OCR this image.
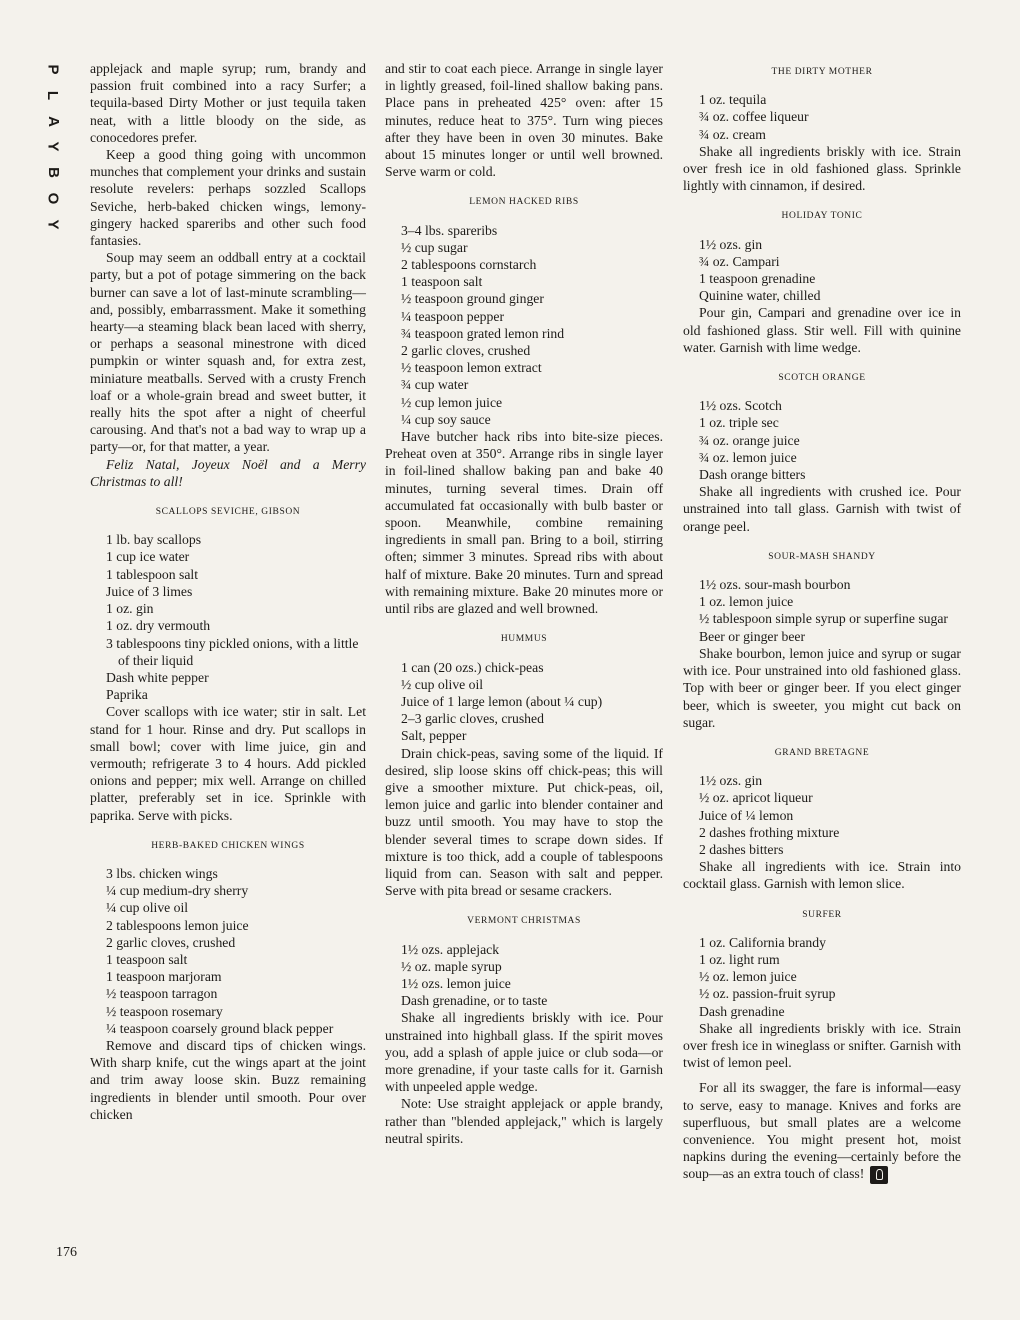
P
L
A
Y
B
O
Y
176

applejack and maple syrup; rum, brandy and passion fruit combined into a racy Surfer; a tequila-based Dirty Mother or just tequila taken neat, with a little bloody on the side, as conocedores prefer.

Keep a good thing going with uncommon munches that complement your drinks and sustain resolute revelers: perhaps sozzled Scallops Seviche, herb-baked chicken wings, lemony-gingery hacked spareribs and other such food fantasies.

Soup may seem an oddball entry at a cocktail party, but a pot of potage simmering on the back burner can save a lot of last-minute scrambling—and, possibly, embarrassment. Make it something hearty—a steaming black bean laced with sherry, or perhaps a seasonal minestrone with diced pumpkin or winter squash and, for extra zest, miniature meatballs. Served with a crusty French loaf or a whole-grain bread and sweet butter, it really hits the spot after a night of cheerful carousing. And that's not a bad way to wrap up a party—or, for that matter, a year.

Feliz Natal, Joyeux Noël and a Merry Christmas to all!

SCALLOPS SEVICHE, GIBSON
1 lb. bay scallops
1 cup ice water
1 tablespoon salt
Juice of 3 limes
1 oz. gin
1 oz. dry vermouth
3 tablespoons tiny pickled onions, with a little of their liquid
Dash white pepper
Paprika

Cover scallops with ice water; stir in salt. Let stand for 1 hour. Rinse and dry. Put scallops in small bowl; cover with lime juice, gin and vermouth; refrigerate 3 to 4 hours. Add pickled onions and pepper; mix well. Arrange on chilled platter, preferably set in ice. Sprinkle with paprika. Serve with picks.

HERB-BAKED CHICKEN WINGS
3 lbs. chicken wings
¼ cup medium-dry sherry
¼ cup olive oil
2 tablespoons lemon juice
2 garlic cloves, crushed
1 teaspoon salt
1 teaspoon marjoram
½ teaspoon tarragon
½ teaspoon rosemary
¼ teaspoon coarsely ground black pepper

Remove and discard tips of chicken wings. With sharp knife, cut the wings apart at the joint and trim away loose skin. Buzz remaining ingredients in blender until smooth. Pour over chicken

and stir to coat each piece. Arrange in single layer in lightly greased, foil-lined shallow baking pans. Place pans in preheated 425° oven: after 15 minutes, reduce heat to 375°. Turn wing pieces after they have been in oven 30 minutes. Bake about 15 minutes longer or until well browned. Serve warm or cold.

LEMON HACKED RIBS
3–4 lbs. spareribs
½ cup sugar
2 tablespoons cornstarch
1 teaspoon salt
½ teaspoon ground ginger
¼ teaspoon pepper
¾ teaspoon grated lemon rind
2 garlic cloves, crushed
½ teaspoon lemon extract
¾ cup water
½ cup lemon juice
¼ cup soy sauce

Have butcher hack ribs into bite-size pieces. Preheat oven at 350°. Arrange ribs in single layer in foil-lined shallow baking pan and bake 40 minutes, turning several times. Drain off accumulated fat occasionally with bulb baster or spoon. Meanwhile, combine remaining ingredients in small pan. Bring to a boil, stirring often; simmer 3 minutes. Spread ribs with about half of mixture. Bake 20 minutes. Turn and spread with remaining mixture. Bake 20 minutes more or until ribs are glazed and well browned.

HUMMUS
1 can (20 ozs.) chick-peas
½ cup olive oil
Juice of 1 large lemon (about ¼ cup)
2–3 garlic cloves, crushed
Salt, pepper

Drain chick-peas, saving some of the liquid. If desired, slip loose skins off chick-peas; this will give a smoother mixture. Put chick-peas, oil, lemon juice and garlic into blender container and buzz until smooth. You may have to stop the blender several times to scrape down sides. If mixture is too thick, add a couple of tablespoons liquid from can. Season with salt and pepper. Serve with pita bread or sesame crackers.

VERMONT CHRISTMAS
1½ ozs. applejack
½ oz. maple syrup
1½ ozs. lemon juice
Dash grenadine, or to taste

Shake all ingredients briskly with ice. Pour unstrained into highball glass. If the spirit moves you, add a splash of apple juice or club soda—or more grenadine, if your taste calls for it. Garnish with unpeeled apple wedge.

Note: Use straight applejack or apple brandy, rather than "blended applejack," which is largely neutral spirits.

THE DIRTY MOTHER
1 oz. tequila
¾ oz. coffee liqueur
¾ oz. cream

Shake all ingredients briskly with ice. Strain over fresh ice in old fashioned glass. Sprinkle lightly with cinnamon, if desired.

HOLIDAY TONIC
1½ ozs. gin
¾ oz. Campari
1 teaspoon grenadine
Quinine water, chilled

Pour gin, Campari and grenadine over ice in old fashioned glass. Stir well. Fill with quinine water. Garnish with lime wedge.

SCOTCH ORANGE
1½ ozs. Scotch
1 oz. triple sec
¾ oz. orange juice
¾ oz. lemon juice
Dash orange bitters

Shake all ingredients with crushed ice. Pour unstrained into tall glass. Garnish with twist of orange peel.

SOUR-MASH SHANDY
1½ ozs. sour-mash bourbon
1 oz. lemon juice
½ tablespoon simple syrup or superfine sugar
Beer or ginger beer

Shake bourbon, lemon juice and syrup or sugar with ice. Pour unstrained into old fashioned glass. Top with beer or ginger beer. If you elect ginger beer, which is sweeter, you might cut back on sugar.

GRAND BRETAGNE
1½ ozs. gin
½ oz. apricot liqueur
Juice of ¼ lemon
2 dashes frothing mixture
2 dashes bitters

Shake all ingredients with ice. Strain into cocktail glass. Garnish with lemon slice.

SURFER
1 oz. California brandy
1 oz. light rum
½ oz. lemon juice
½ oz. passion-fruit syrup
Dash grenadine

Shake all ingredients briskly with ice. Strain over fresh ice in wineglass or snifter. Garnish with twist of lemon peel.

For all its swagger, the fare is informal—easy to serve, easy to manage. Knives and forks are superfluous, but small plates are a welcome convenience. You might present hot, moist napkins during the evening—certainly before the soup—as an extra touch of class!
